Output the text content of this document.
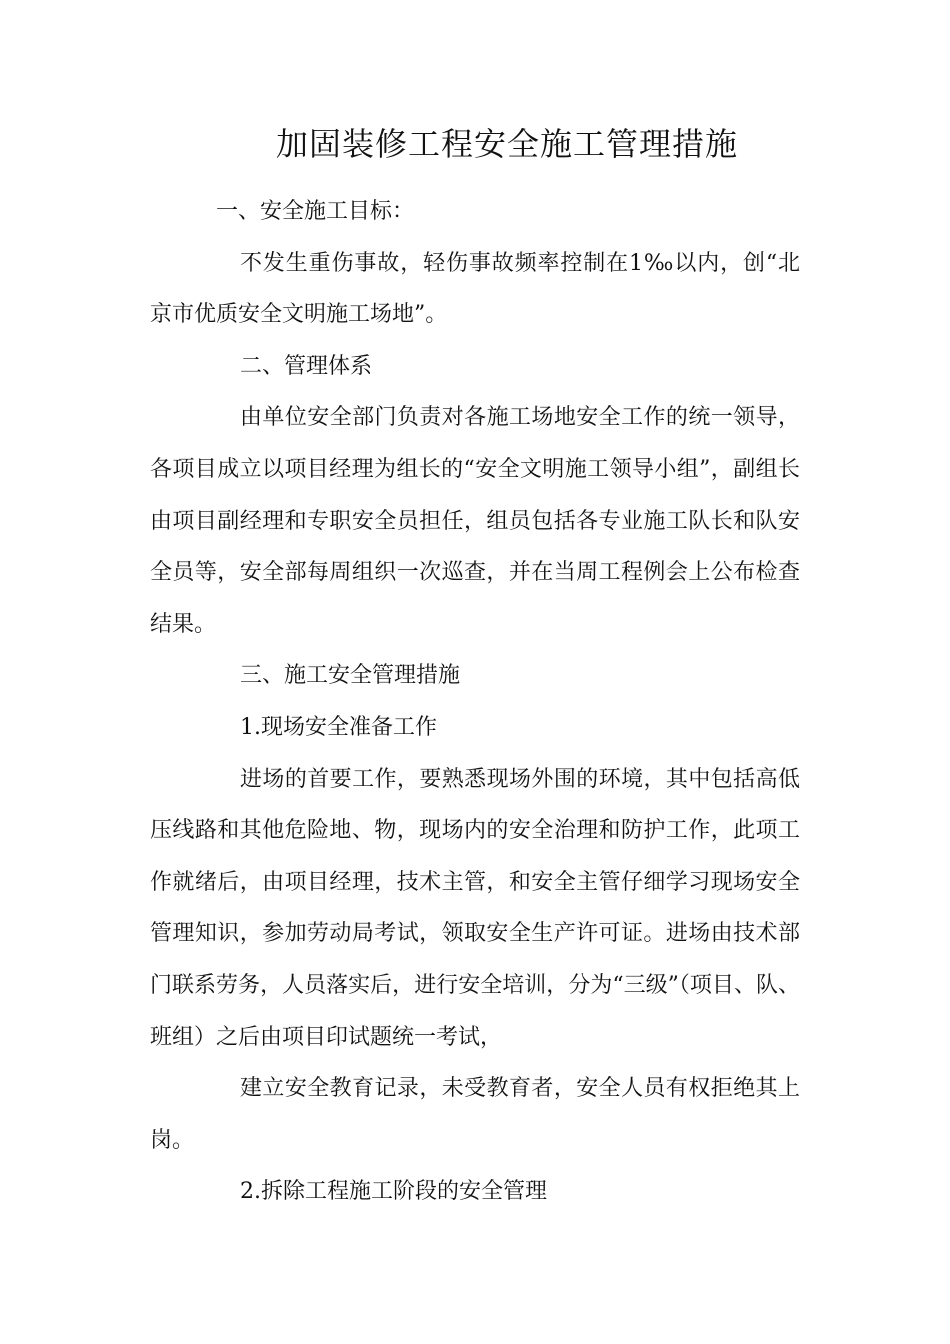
加固装修工程安全施工管理措施

一、安全施工目标：

不发生重伤事故，轻伤事故频率控制在1‰以内，创“北京市优质安全文明施工场地”。

二、管理体系

由单位安全部门负责对各施工场地安全工作的统一领导，各项目成立以项目经理为组长的“安全文明施工领导小组”，副组长由项目副经理和专职安全员担任，组员包括各专业施工队长和队安全员等，安全部每周组织一次巡查，并在当周工程例会上公布检查结果。

三、施工安全管理措施

1.现场安全准备工作

进场的首要工作，要熟悉现场外围的环境，其中包括高低压线路和其他危险地、物，现场内的安全治理和防护工作，此项工作就绪后，由项目经理，技术主管，和安全主管仔细学习现场安全管理知识，参加劳动局考试，领取安全生产许可证。进场由技术部门联系劳务，人员落实后，进行安全培训，分为“三级”（项目、队、班组）之后由项目印试题统一考试，

建立安全教育记录，未受教育者，安全人员有权拒绝其上岗。

2.拆除工程施工阶段的安全管理
